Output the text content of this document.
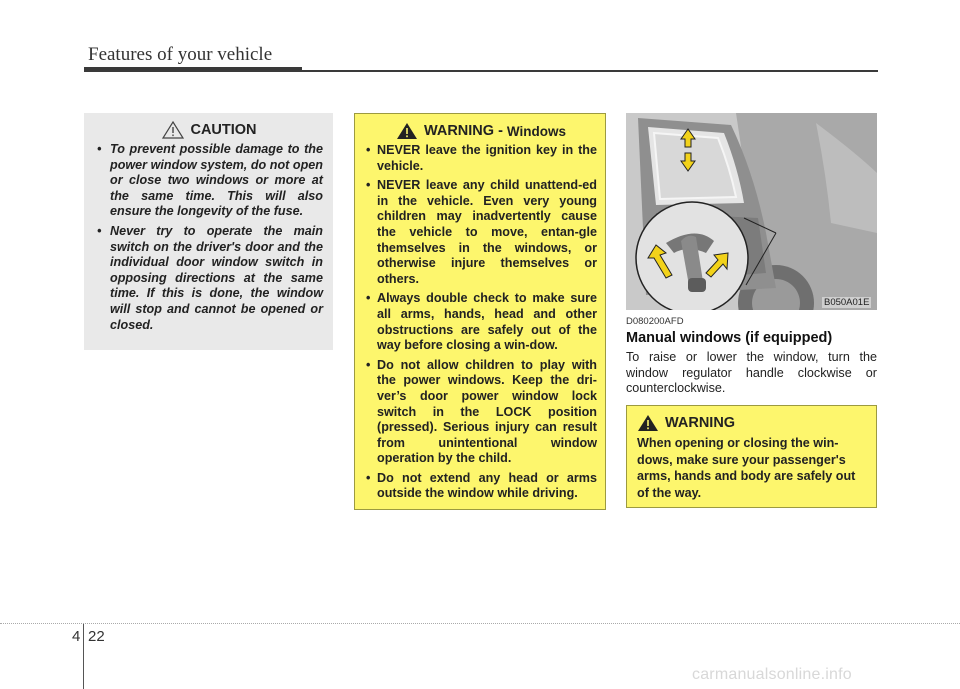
Features of your vehicle
CAUTION
• To prevent possible damage to the power window system, do not open or close two windows or more at the same time. This will also ensure the longevity of the fuse.
• Never try to operate the main switch on the driver's door and the individual door window switch in opposing directions at the same time. If this is done, the window will stop and cannot be opened or closed.
WARNING - Windows
• NEVER leave the ignition key in the vehicle.
• NEVER leave any child unattend-ed in the vehicle. Even very young children may inadvertently cause the vehicle to move, entan-gle themselves in the windows, or otherwise injure themselves or others.
• Always double check to make sure all arms, hands, head and other obstructions are safely out of the way before closing a win-dow.
• Do not allow children to play with the power windows. Keep the dri-ver’s door power window lock switch in the LOCK position (pressed). Serious injury can result from unintentional window operation by the child.
• Do not extend any head or arms outside the window while driving.
B050A01E
D080200AFD
Manual windows (if equipped)
To raise or lower the window, turn the window regulator handle clockwise or counterclockwise.
WARNING

When opening or closing the win-dows, make sure your passenger's arms, hands and body are safely out of the way.

4 22
carmanualsonline.info
